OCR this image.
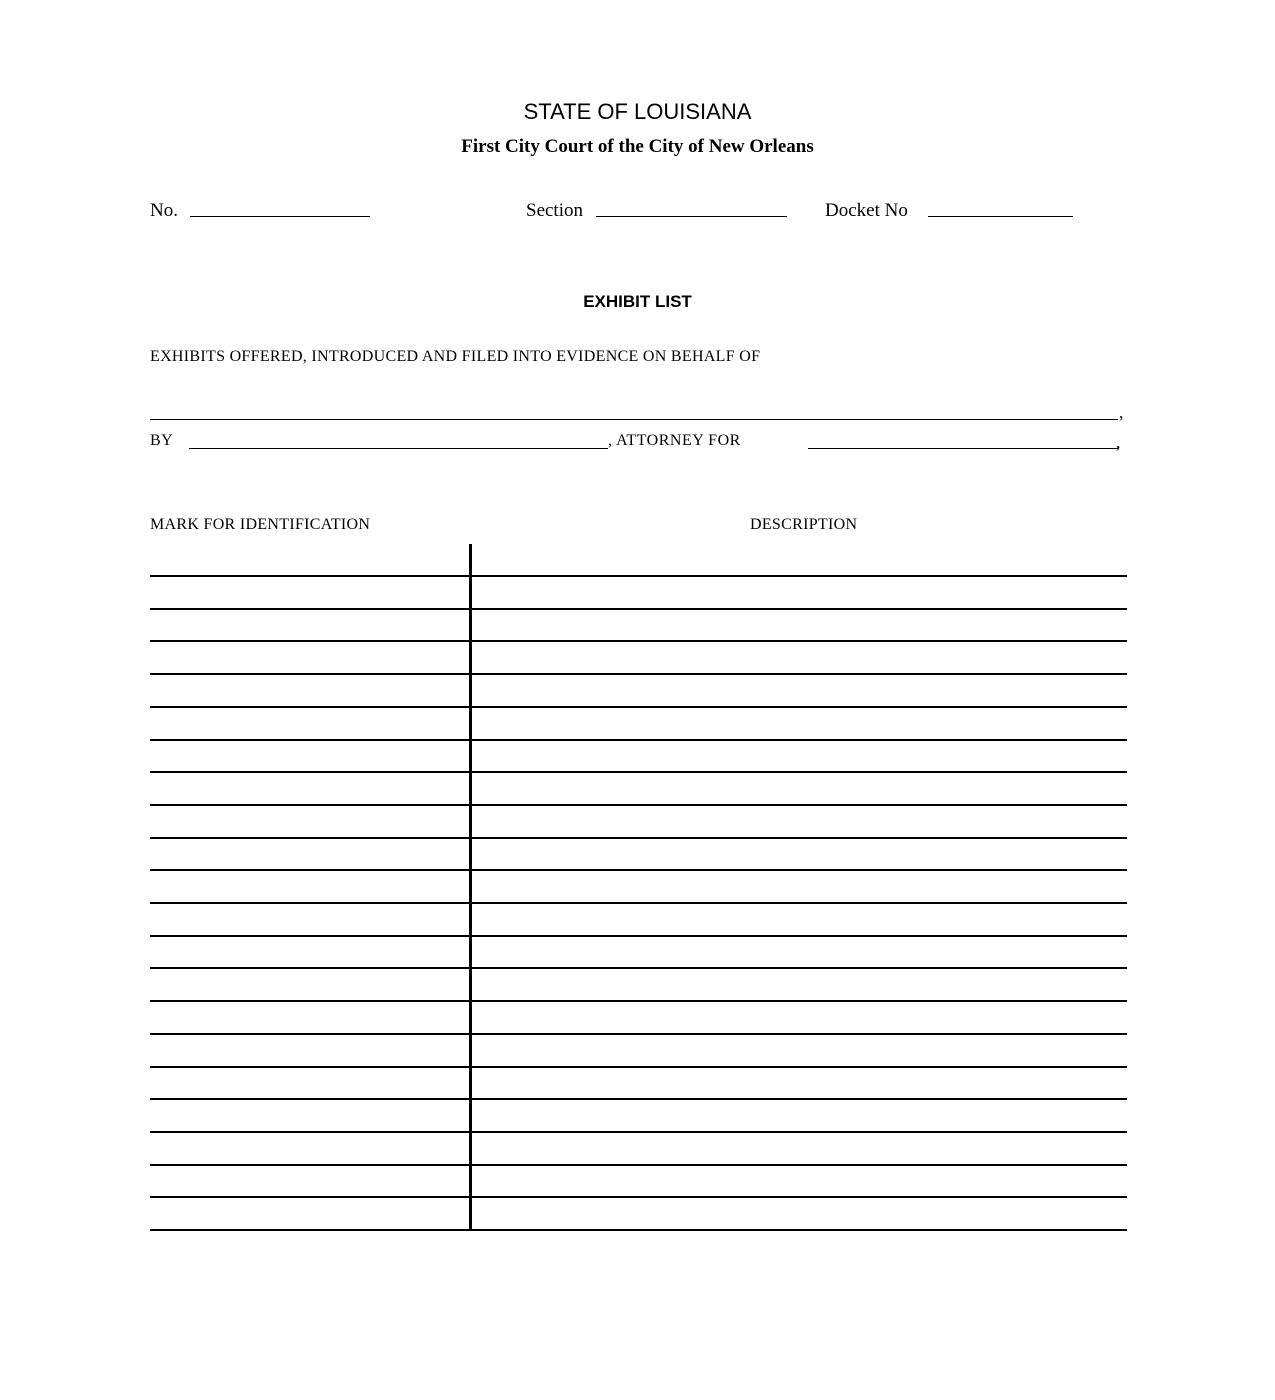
STATE OF LOUISIANA
First City Court of the City of New Orleans
No.	Section	Docket No
EXHIBIT LIST
EXHIBITS OFFERED, INTRODUCED AND FILED INTO EVIDENCE ON BEHALF OF
,
BY	, ATTORNEY FOR	,
MARK FOR IDENTIFICATION	DESCRIPTION
